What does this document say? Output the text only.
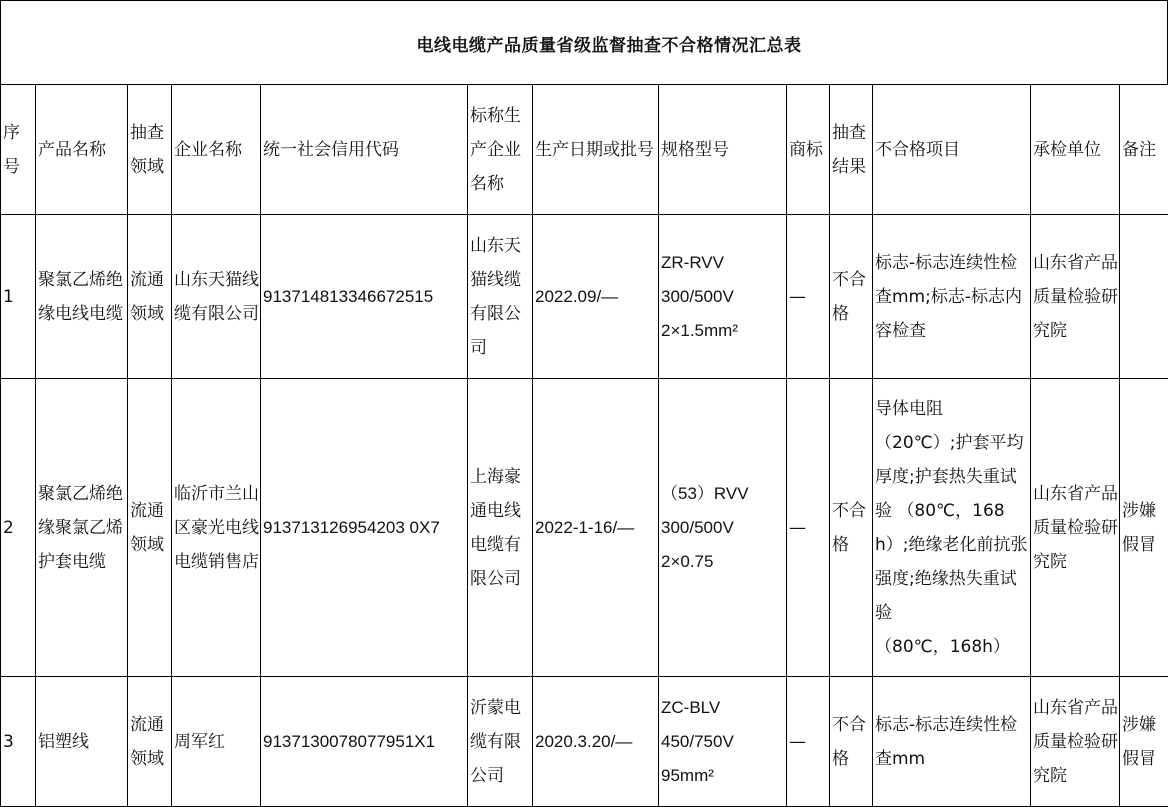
电线电缆产品质量省级监督抽查不合格情况汇总表
序号	产品名称	抽查领域	企业名称	统一社会信用代码	标称生产企业名称	生产日期或批号	规格型号	商标	抽查结果	不合格项目	承检单位	备注
1	聚氯乙烯绝缘电线电缆	流通领域	山东天猫线缆有限公司	913714813346672515	山东天猫线缆有限公司	2022.09/—	ZR-RVV
300/500V
2×1.5mm²	—	不合格	标志-标志连续性检查mm;标志-标志内容检查	山东省产品质量检验研究院	
2	聚氯乙烯绝缘聚氯乙烯护套电缆	流通领域	临沂市兰山区豪光电线电缆销售店	913713126954203 0X7	上海豪通电线电缆有限公司	2022-1-16/—	（53）RVV
300/500V
2×0.75	—	不合格	导体电阻
（20℃）;护套平均厚度;护套热失重试验 （80℃，168h）;绝缘老化前抗张强度;绝缘热失重试验
（80℃，168h）	山东省产品质量检验研究院	涉嫌假冒
3	铝塑线	流通领域	周军红	9137130078077951X1	沂蒙电缆有限公司	2020.3.20/—	ZC-BLV
450/750V
95mm²	—	不合格	标志-标志连续性检查mm	山东省产品质量检验研究院	涉嫌假冒
